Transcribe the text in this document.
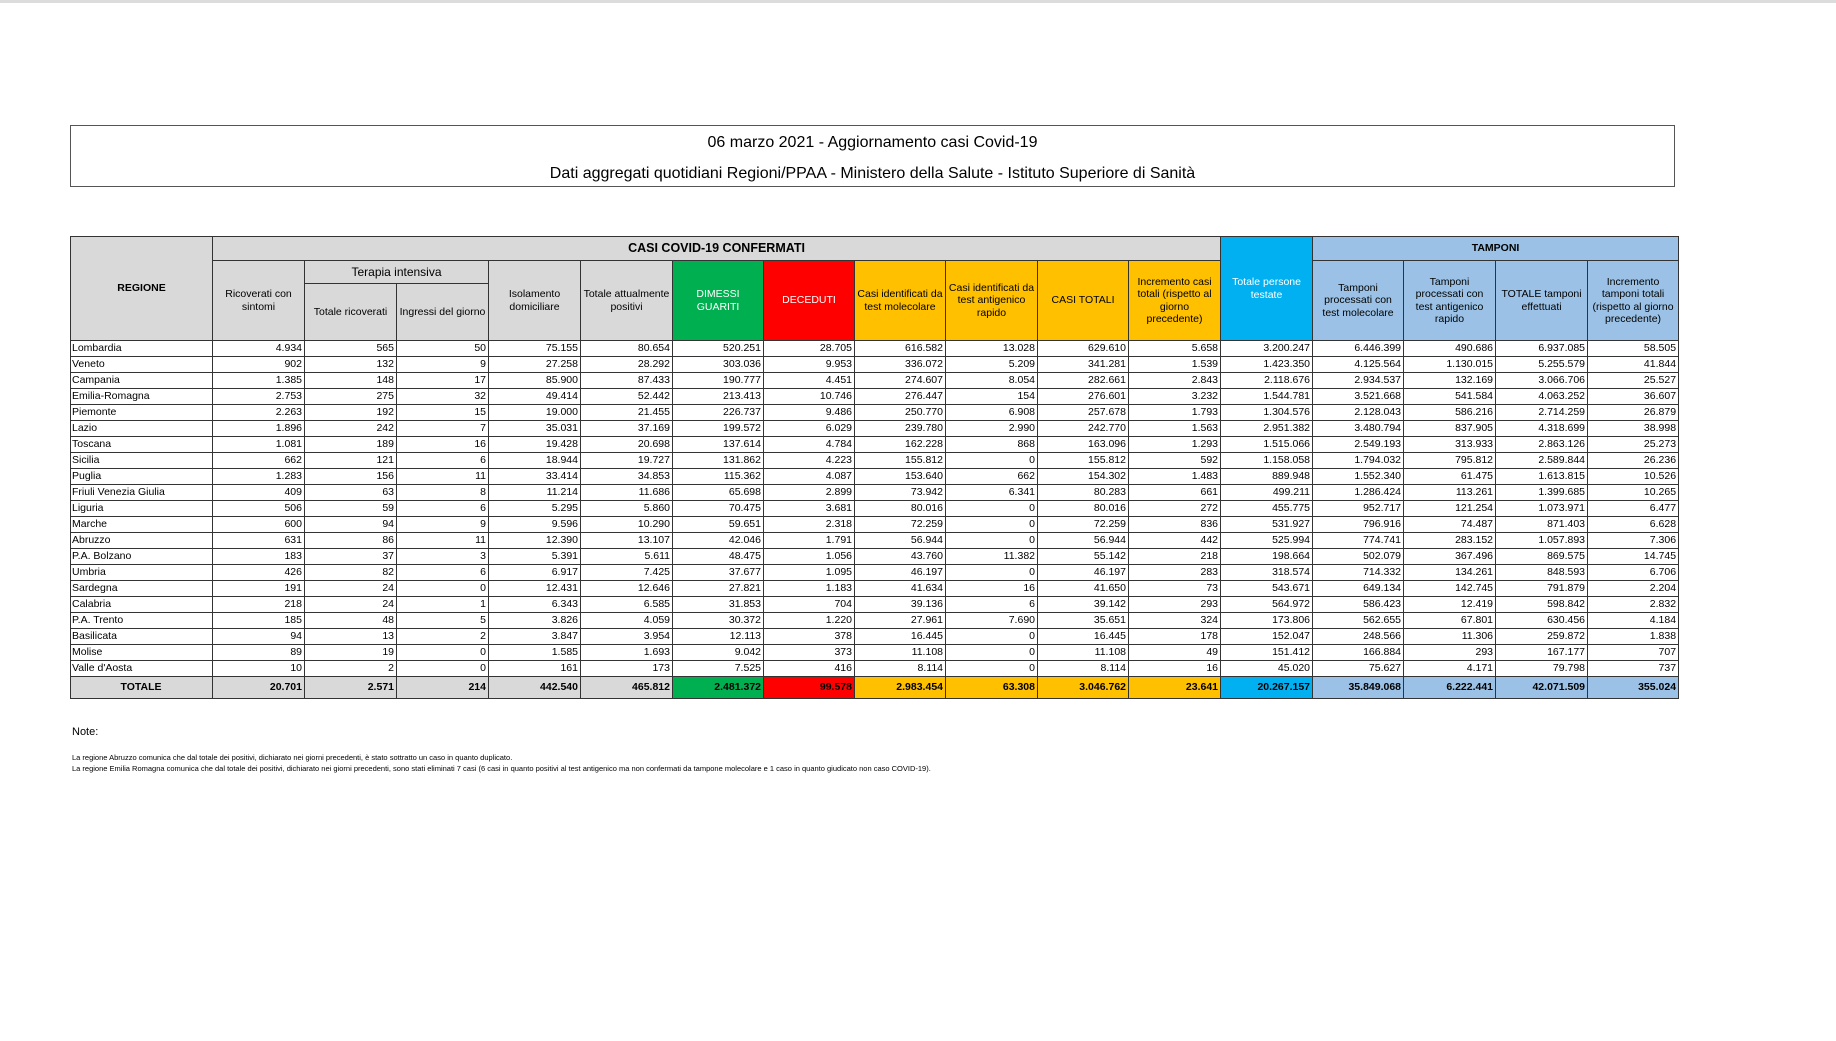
06 marzo 2021 - Aggiornamento casi Covid-19
Dati aggregati quotidiani Regioni/PPAA - Ministero della Salute - Istituto Superiore di Sanità
REGIONE	CASI COVID-19 CONFERMATI											Totale persone testate	TAMPONI			
	Ricoverati con sintomi	Terapia intensiva		Isolamento domiciliare	Totale attualmente positivi	DIMESSI GUARITI	DECEDUTI	Casi identificati da test molecolare	Casi identificati da test antigenico rapido	CASI TOTALI	Incremento casi totali (rispetto al giorno precedente)		Tamponi processati con test molecolare	Tamponi processati con test antigenico rapido	TOTALE tamponi effettuati	Incremento tamponi totali (rispetto al giorno precedente)
		Totale ricoverati	Ingressi del giorno													
Lombardia	4.934	565	50	75.155	80.654	520.251	28.705	616.582	13.028	629.610	5.658	3.200.247	6.446.399	490.686	6.937.085	58.505
Veneto	902	132	9	27.258	28.292	303.036	9.953	336.072	5.209	341.281	1.539	1.423.350	4.125.564	1.130.015	5.255.579	41.844
Campania	1.385	148	17	85.900	87.433	190.777	4.451	274.607	8.054	282.661	2.843	2.118.676	2.934.537	132.169	3.066.706	25.527
Emilia-Romagna	2.753	275	32	49.414	52.442	213.413	10.746	276.447	154	276.601	3.232	1.544.781	3.521.668	541.584	4.063.252	36.607
Piemonte	2.263	192	15	19.000	21.455	226.737	9.486	250.770	6.908	257.678	1.793	1.304.576	2.128.043	586.216	2.714.259	26.879
Lazio	1.896	242	7	35.031	37.169	199.572	6.029	239.780	2.990	242.770	1.563	2.951.382	3.480.794	837.905	4.318.699	38.998
Toscana	1.081	189	16	19.428	20.698	137.614	4.784	162.228	868	163.096	1.293	1.515.066	2.549.193	313.933	2.863.126	25.273
Sicilia	662	121	6	18.944	19.727	131.862	4.223	155.812	0	155.812	592	1.158.058	1.794.032	795.812	2.589.844	26.236
Puglia	1.283	156	11	33.414	34.853	115.362	4.087	153.640	662	154.302	1.483	889.948	1.552.340	61.475	1.613.815	10.526
Friuli Venezia Giulia	409	63	8	11.214	11.686	65.698	2.899	73.942	6.341	80.283	661	499.211	1.286.424	113.261	1.399.685	10.265
Liguria	506	59	6	5.295	5.860	70.475	3.681	80.016	0	80.016	272	455.775	952.717	121.254	1.073.971	6.477
Marche	600	94	9	9.596	10.290	59.651	2.318	72.259	0	72.259	836	531.927	796.916	74.487	871.403	6.628
Abruzzo	631	86	11	12.390	13.107	42.046	1.791	56.944	0	56.944	442	525.994	774.741	283.152	1.057.893	7.306
P.A. Bolzano	183	37	3	5.391	5.611	48.475	1.056	43.760	11.382	55.142	218	198.664	502.079	367.496	869.575	14.745
Umbria	426	82	6	6.917	7.425	37.677	1.095	46.197	0	46.197	283	318.574	714.332	134.261	848.593	6.706
Sardegna	191	24	0	12.431	12.646	27.821	1.183	41.634	16	41.650	73	543.671	649.134	142.745	791.879	2.204
Calabria	218	24	1	6.343	6.585	31.853	704	39.136	6	39.142	293	564.972	586.423	12.419	598.842	2.832
P.A. Trento	185	48	5	3.826	4.059	30.372	1.220	27.961	7.690	35.651	324	173.806	562.655	67.801	630.456	4.184
Basilicata	94	13	2	3.847	3.954	12.113	378	16.445	0	16.445	178	152.047	248.566	11.306	259.872	1.838
Molise	89	19	0	1.585	1.693	9.042	373	11.108	0	11.108	49	151.412	166.884	293	167.177	707
Valle d'Aosta	10	2	0	161	173	7.525	416	8.114	0	8.114	16	45.020	75.627	4.171	79.798	737
TOTALE	20.701	2.571	214	442.540	465.812	2.481.372	99.578	2.983.454	63.308	3.046.762	23.641	20.267.157	35.849.068	6.222.441	42.071.509	355.024
Note:
La regione Abruzzo comunica che dal totale dei positivi, dichiarato nei giorni precedenti, è stato sottratto un caso in quanto duplicato.
La regione Emilia Romagna comunica che dal totale dei positivi, dichiarato nei giorni precedenti, sono stati eliminati 7 casi (6 casi in quanto positivi al test antigenico ma non confermati da tampone molecolare e 1 caso in quanto giudicato non caso COVID-19).
